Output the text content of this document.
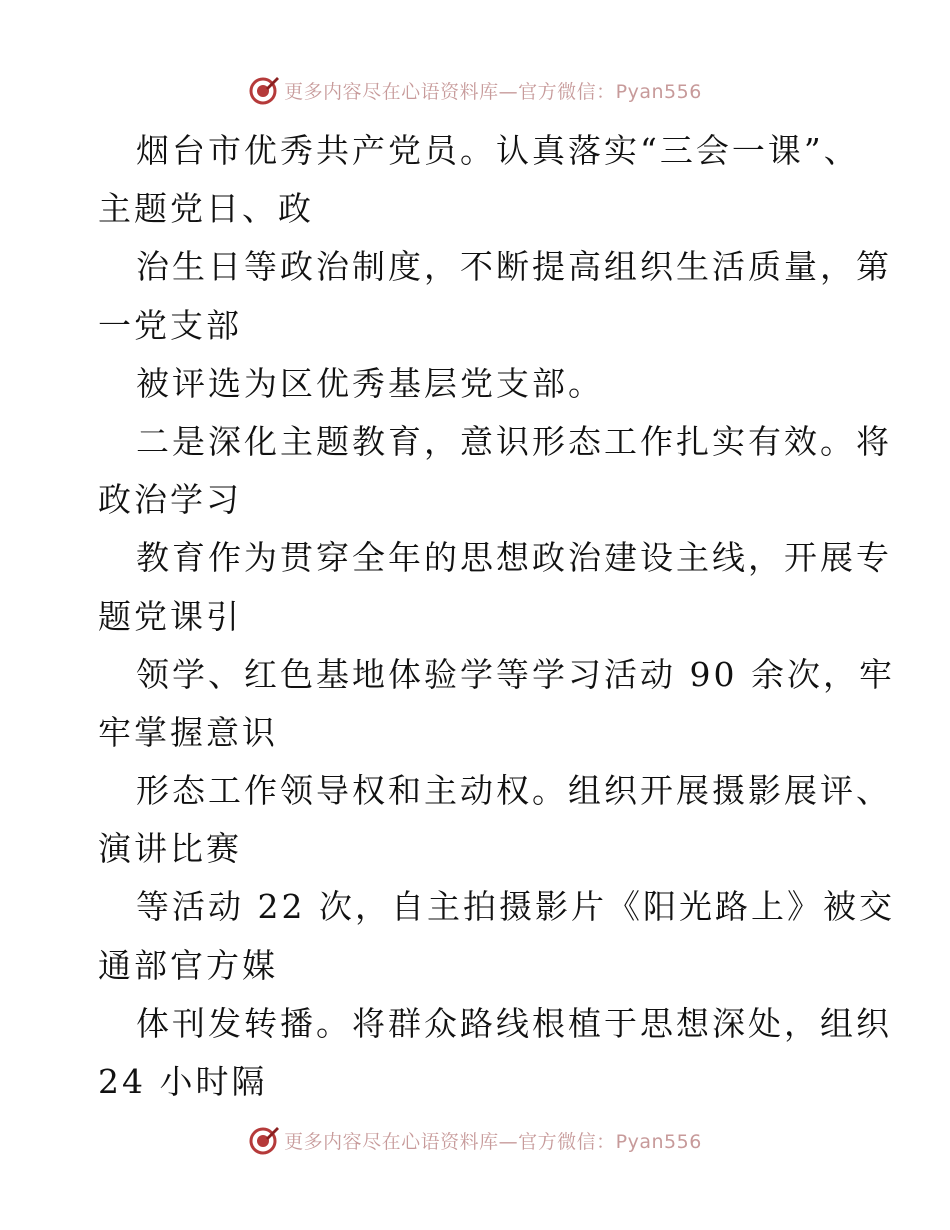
更多内容尽在心语资料库—官方微信：Pyan556
烟台市优秀共产党员。认真落实“三会一课”、
主题党日、政
治生日等政治制度，不断提高组织生活质量，第
一党支部
被评选为区优秀基层党支部。
二是深化主题教育，意识形态工作扎实有效。将
政治学习
教育作为贯穿全年的思想政治建设主线，开展专
题党课引
领学、红色基地体验学等学习活动 90 余次，牢
牢掌握意识
形态工作领导权和主动权。组织开展摄影展评、
演讲比赛
等活动 22 次，自主拍摄影片《阳光路上》被交
通部官方媒
体刊发转播。将群众路线根植于思想深处，组织
24 小时隔
更多内容尽在心语资料库—官方微信：Pyan556
